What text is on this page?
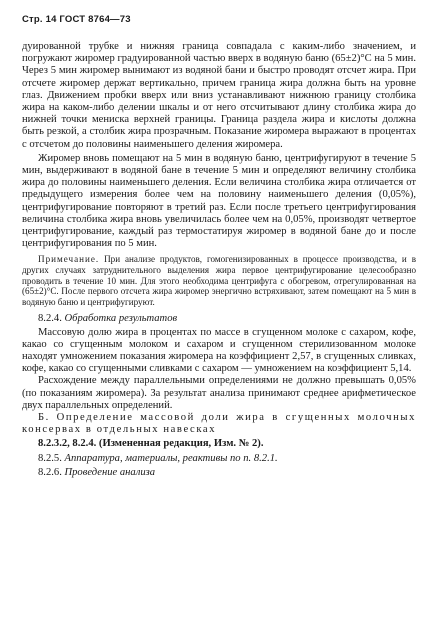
Стр. 14 ГОСТ 8764—73

дуированной трубке и нижняя граница совпадала с каким-либо значением, и погружают жиромер градуированной частью вверх в водяную баню (65±2)°С на 5 мин. Через 5 мин жиромер вынимают из водяной бани и быстро проводят отсчет жира. При отсчете жиромер держат вертикально, причем граница жира должна быть на уровне глаз. Движением пробки вверх или вниз устанавливают нижнюю границу столбика жира на каком-либо делении шкалы и от него отсчитывают длину столбика жира до нижней точки мениска верхней границы. Граница раздела жира и кислоты должна быть резкой, а столбик жира прозрачным. Показание жиромера выражают в процентах с отсчетом до половины наименьшего деления жиромера.

Жиромер вновь помещают на 5 мин в водяную баню, центрифугируют в течение 5 мин, выдерживают в водяной бане в течение 5 мин и определяют величину столбика жира до половины наименьшего деления. Если величина столбика жира отличается от предыдущего измерения более чем на половину наименьшего деления (0,05%), центрифугирование повторяют в третий раз. Если после третьего центрифугирования величина столбика жира вновь увеличилась более чем на 0,05%, производят четвертое центрифугирование, каждый раз термостатируя жиромер в водяной бане до и после центрифугирования по 5 мин.

Примечание. При анализе продуктов, гомогенизированных в процессе производства, и в других случаях затруднительного выделения жира первое центрифугирование целесообразно проводить в течение 10 мин. Для этого необходима центрифуга с обогревом, отрегулированная на (65±2)°С. После первого отсчета жира жиромер энергично встряхивают, затем помещают на 5 мин в водяную баню и центрифугируют.

8.2.4. Обработка результатов

Массовую долю жира в процентах по массе в сгущенном молоке с сахаром, кофе, какао со сгущенным молоком и сахаром и сгущенном стерилизованном молоке находят умножением показания жиромера на коэффициент 2,57, в сгущенных сливках, кофе, какао со сгущенными сливками с сахаром — умножением на коэффициент 5,14.

Расхождение между параллельными определениями не должно превышать 0,05% (по показаниям жиромера). За результат анализа принимают среднее арифметическое двух параллельных определений.

Б. Определение массовой доли жира в сгущенных молочных консервах в отдельных навесках

8.2.3.2, 8.2.4. (Измененная редакция, Изм. № 2).
8.2.5. Аппаратура, материалы, реактивы по п. 8.2.1.
8.2.6. Проведение анализа
